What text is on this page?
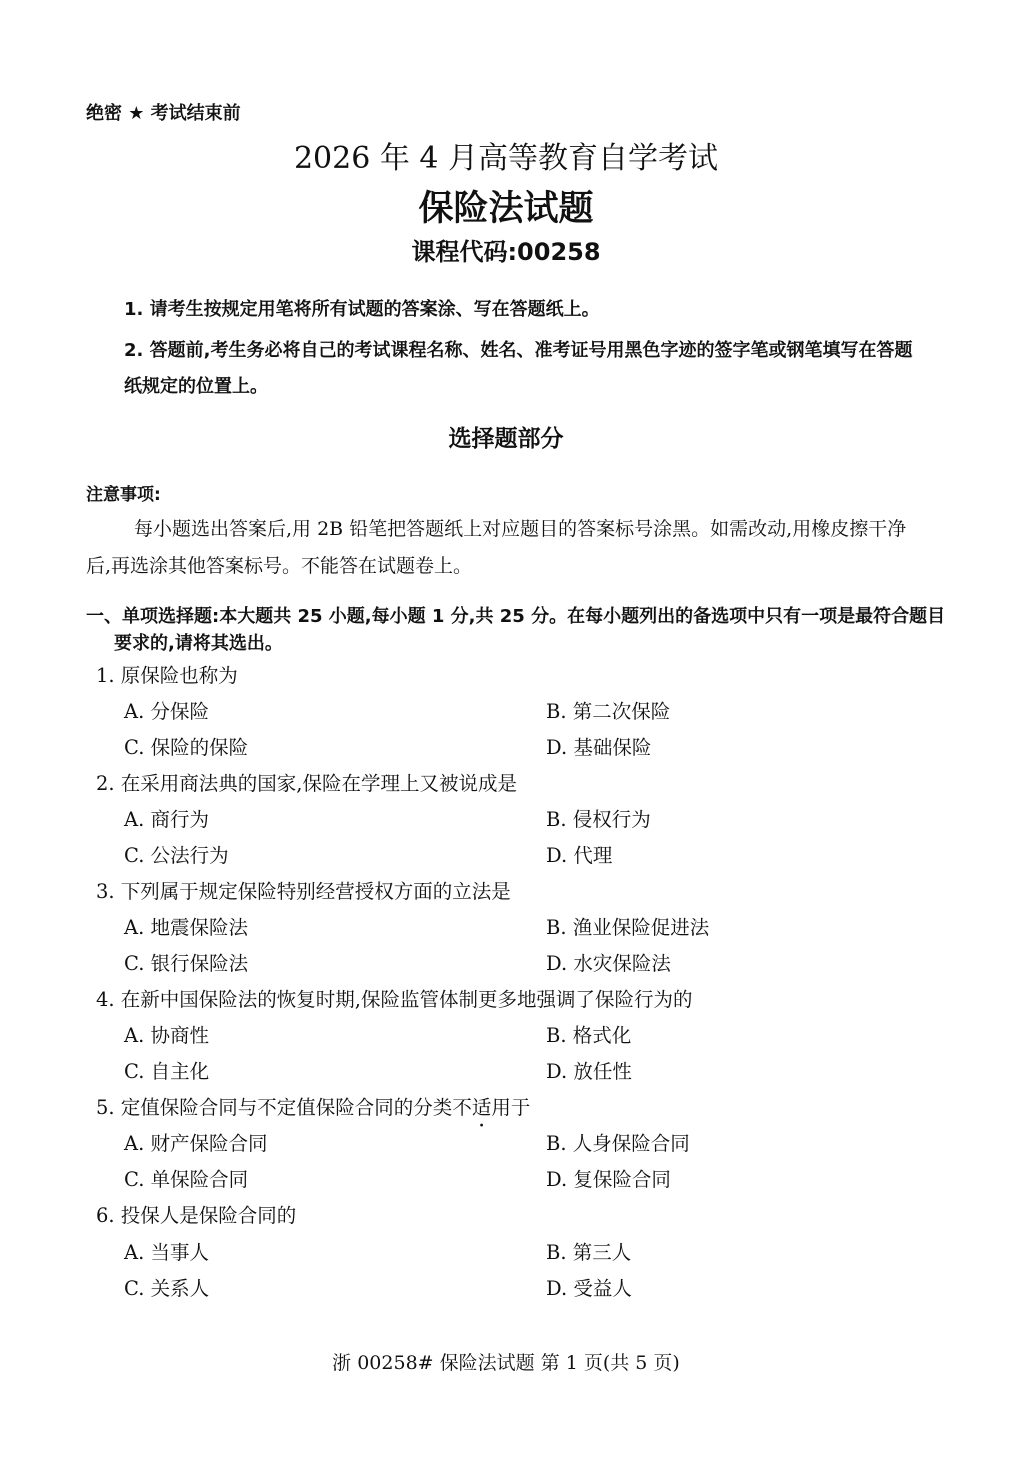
绝密 ★ 考试结束前
2026 年 4 月高等教育自学考试
保险法试题
课程代码:00258
1. 请考生按规定用笔将所有试题的答案涂、写在答题纸上。
2. 答题前,考生务必将自己的考试课程名称、姓名、准考证号用黑色字迹的签字笔或钢笔填写在答题纸规定的位置上。
选择题部分
注意事项:
每小题选出答案后,用 2B 铅笔把答题纸上对应题目的答案标号涂黑。如需改动,用橡皮擦干净后,再选涂其他答案标号。不能答在试题卷上。
一、单项选择题:本大题共 25 小题,每小题 1 分,共 25 分。在每小题列出的备选项中只有一项是最符合题目要求的,请将其选出。
1. 原保险也称为
A. 分保险	B. 第二次保险
C. 保险的保险	D. 基础保险
2. 在采用商法典的国家,保险在学理上又被说成是
A. 商行为	B. 侵权行为
C. 公法行为	D. 代理
3. 下列属于规定保险特别经营授权方面的立法是
A. 地震保险法	B. 渔业保险促进法
C. 银行保险法	D. 水灾保险法
4. 在新中国保险法的恢复时期,保险监管体制更多地强调了保险行为的
A. 协商性	B. 格式化
C. 自主化	D. 放任性
5. 定值保险合同与不定值保险合同的分类不适用于
A. 财产保险合同	B. 人身保险合同
C. 单保险合同	D. 复保险合同
6. 投保人是保险合同的
A. 当事人	B. 第三人
C. 关系人	D. 受益人
浙 00258# 保险法试题 第 1 页(共 5 页)
